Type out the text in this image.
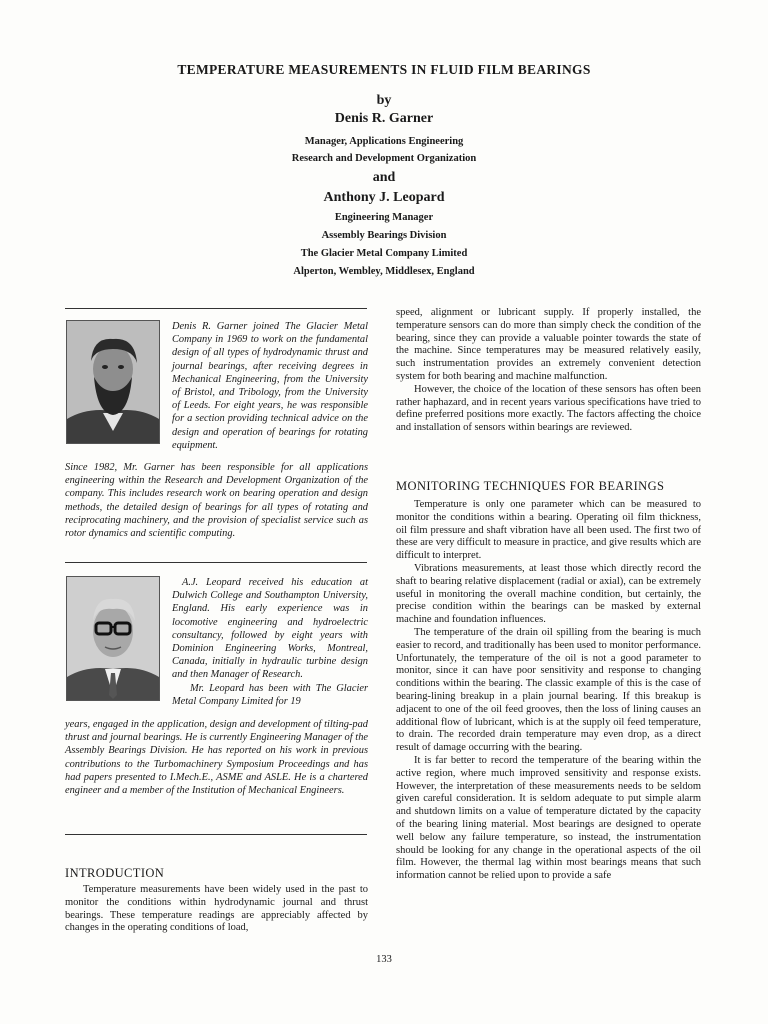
TEMPERATURE MEASUREMENTS IN FLUID FILM BEARINGS
by
Denis R. Garner
Manager, Applications Engineering
Research and Development Organization
and
Anthony J. Leopard
Engineering Manager
Assembly Bearings Division
The Glacier Metal Company Limited
Alperton, Wembley, Middlesex, England
Denis R. Garner joined The Glacier Metal Company in 1969 to work on the fundamental design of all types of hydrodynamic thrust and journal bearings, after receiving degrees in Mechanical Engineering, from the University of Bristol, and Tribology, from the University of Leeds. For eight years, he was responsible for a section providing technical advice on the design and operation of bearings for rotating equipment.
Since 1982, Mr. Garner has been responsible for all applications engineering within the Research and Development Organization of the company. This includes research work on bearing operation and design methods, the detailed design of bearings for all types of rotating and reciprocating machinery, and the provision of specialist service such as rotor dynamics and scientific computing.

A.J. Leopard received his education at Dulwich College and Southampton University, England. His early experience was in locomotive engineering and hydroelectric consultancy, followed by eight years with Dominion Engineering Works, Montreal, Canada, initially in hydraulic turbine design and then Manager of Research.

Mr. Leopard has been with The Glacier Metal Company Limited for 19

years, engaged in the application, design and development of tilting-pad thrust and journal bearings. He is currently Engineering Manager of the Assembly Bearings Division. He has reported on his work in previous contributions to the Turbomachinery Symposium Proceedings and has had papers presented to I.Mech.E., ASME and ASLE. He is a chartered engineer and a member of the Institution of Mechanical Engineers.
INTRODUCTION

Temperature measurements have been widely used in the past to monitor the conditions within hydrodynamic journal and thrust bearings. These temperature readings are appreciably affected by changes in the operating conditions of load,

speed, alignment or lubricant supply. If properly installed, the temperature sensors can do more than simply check the condition of the bearing, since they can provide a valuable pointer towards the state of the machine. Since temperatures may be measured relatively easily, such instrumentation provides an extremely convenient detection system for both bearing and machine malfunction.

However, the choice of the location of these sensors has often been rather haphazard, and in recent years various specifications have tried to define preferred positions more exactly. The factors affecting the choice and installation of sensors within bearings are reviewed.

MONITORING TECHNIQUES FOR BEARINGS

Temperature is only one parameter which can be measured to monitor the conditions within a bearing. Operating oil film thickness, oil film pressure and shaft vibration have all been used. The first two of these are very difficult to measure in practice, and give results which are difficult to interpret.

Vibrations measurements, at least those which directly record the shaft to bearing relative displacement (radial or axial), can be extremely useful in monitoring the overall machine condition, but certainly, the precise condition within the bearings can be masked by external machine and foundation influences.

The temperature of the drain oil spilling from the bearing is much easier to record, and traditionally has been used to monitor performance. Unfortunately, the temperature of the oil is not a good parameter to monitor, since it can have poor sensitivity and response to changing conditions within the bearing. The classic example of this is the case of bearing-lining breakup in a plain journal bearing. If this breakup is adjacent to one of the oil feed grooves, then the loss of lining causes an additional flow of lubricant, which is at the supply oil feed temperature, to drain. The recorded drain temperature may even drop, as a direct result of damage occurring with the bearing.

It is far better to record the temperature of the bearing within the active region, where much improved sensitivity and response exists. However, the interpretation of these measurements needs to be seldom given careful consideration. It is seldom adequate to put simple alarm and shutdown limits on a value of temperature dictated by the capacity of the bearing lining material. Most bearings are designed to operate well below any failure temperature, so instead, the instrumentation should be looking for any change in the operational aspects of the oil film. However, the thermal lag within most bearings means that such information cannot be relied upon to provide a safe

133
